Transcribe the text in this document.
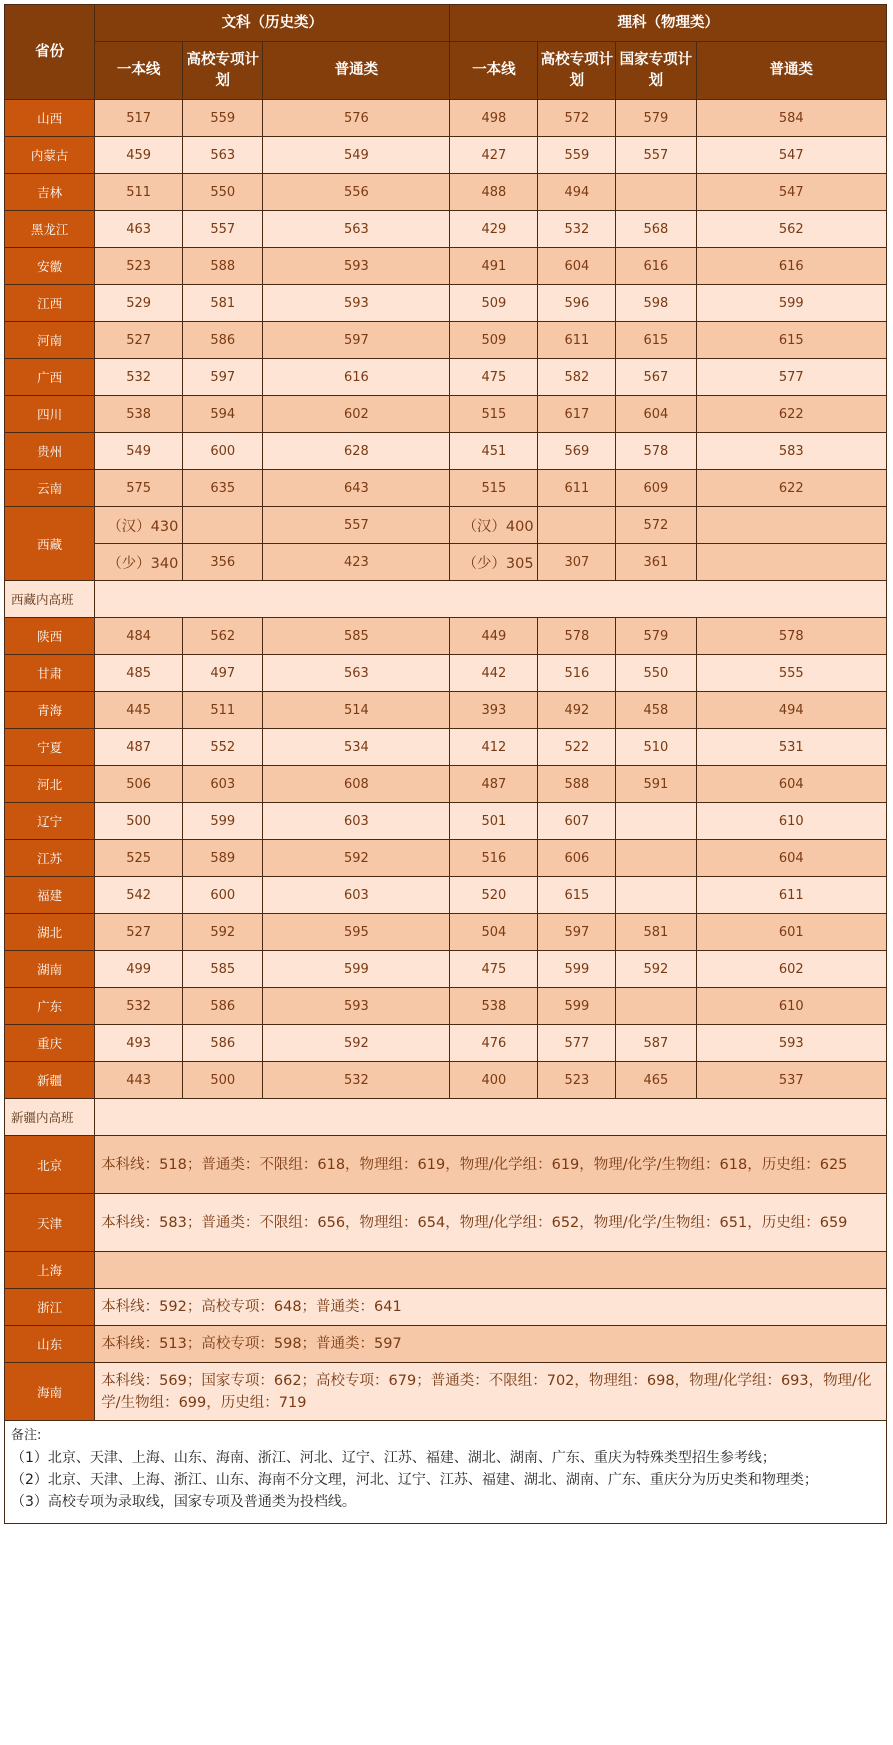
省份	文科（历史类）			理科（物理类）			
	一本线	高校专项计划	普通类	一本线	高校专项计划	国家专项计划	普通类
山西	517	559	576	498	572	579	584
内蒙古	459	563	549	427	559	557	547
吉林	511	550	556	488	494		547
黑龙江	463	557	563	429	532	568	562
安徽	523	588	593	491	604	616	616
江西	529	581	593	509	596	598	599
河南	527	586	597	509	611	615	615
广西	532	597	616	475	582	567	577
四川	538	594	602	515	617	604	622
贵州	549	600	628	451	569	578	583
云南	575	635	643	515	611	609	622
西藏	（汉）430		557	（汉）400		572	
	（少）340	356	423	（少）305	307	361	
西藏内高班							
陕西	484	562	585	449	578	579	578
甘肃	485	497	563	442	516	550	555
青海	445	511	514	393	492	458	494
宁夏	487	552	534	412	522	510	531
河北	506	603	608	487	588	591	604
辽宁	500	599	603	501	607		610
江苏	525	589	592	516	606		604
福建	542	600	603	520	615		611
湖北	527	592	595	504	597	581	601
湖南	499	585	599	475	599	592	602
广东	532	586	593	538	599		610
重庆	493	586	592	476	577	587	593
新疆	443	500	532	400	523	465	537
新疆内高班							
北京	本科线：518；普通类：不限组：618，物理组：619，物理/化学组：619，物理/化学/生物组：618，历史组：625						
天津	本科线：583；普通类：不限组：656，物理组：654，物理/化学组：652，物理/化学/生物组：651，历史组：659						
上海							
浙江	本科线：592；高校专项：648；普通类：641						
山东	本科线：513；高校专项：598；普通类：597						
海南	本科线：569；国家专项：662；高校专项：679；普通类：不限组：702，物理组：698，物理/化学组：693，物理/化学/生物组：699，历史组：719						
备注:

（1）北京、天津、上海、山东、海南、浙江、河北、辽宁、江苏、福建、湖北、湖南、广东、重庆为特殊类型招生参考线；

（2）北京、天津、上海、浙江、山东、海南不分文理，河北、辽宁、江苏、福建、湖北、湖南、广东、重庆分为历史类和物理类；

（3）高校专项为录取线，国家专项及普通类为投档线。
